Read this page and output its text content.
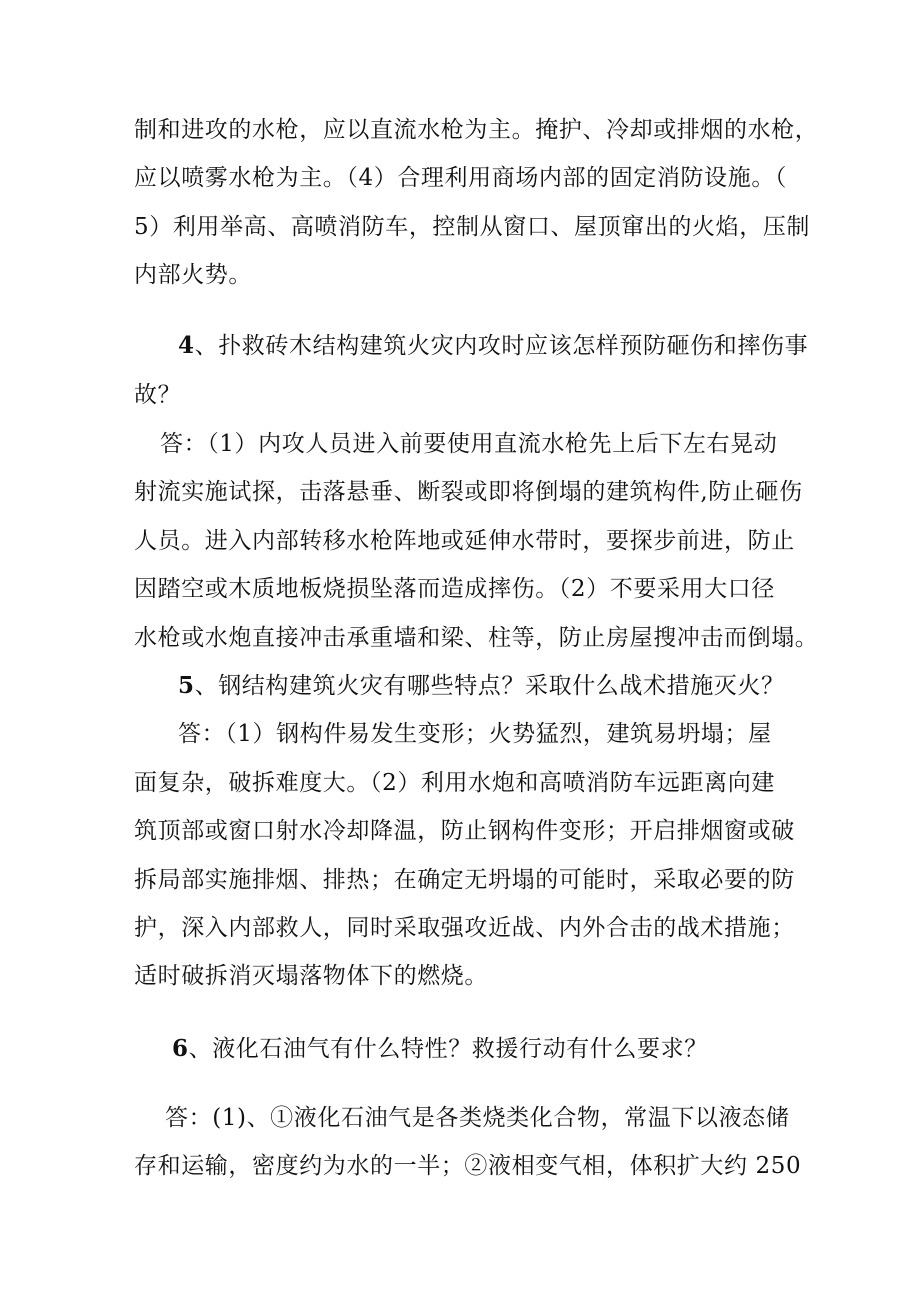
制和进攻的水枪，应以直流水枪为主。掩护、冷却或排烟的水枪，
应以喷雾水枪为主。（4）合理利用商场内部的固定消防设施。（
5）利用举高、高喷消防车，控制从窗口、屋顶窜出的火焰，压制
内部火势。
4、扑救砖木结构建筑火灾内攻时应该怎样预防砸伤和摔伤事
故？
答：（1）内攻人员进入前要使用直流水枪先上后下左右晃动
射流实施试探，击落悬垂、断裂或即将倒塌的建筑构件,防止砸伤
人员。进入内部转移水枪阵地或延伸水带时，要探步前进，防止
因踏空或木质地板烧损坠落而造成摔伤。（2）不要采用大口径
水枪或水炮直接冲击承重墙和梁、柱等，防止房屋搜冲击而倒塌。
5、钢结构建筑火灾有哪些特点？采取什么战术措施灭火？
答：（1）钢构件易发生变形；火势猛烈，建筑易坍塌；屋
面复杂，破拆难度大。（2）利用水炮和高喷消防车远距离向建
筑顶部或窗口射水冷却降温，防止钢构件变形；开启排烟窗或破
拆局部实施排烟、排热；在确定无坍塌的可能时，采取必要的防
护，深入内部救人，同时采取强攻近战、内外合击的战术措施；
适时破拆消灭塌落物体下的燃烧。
6、液化石油气有什么特性？救援行动有什么要求？
答：(1)、①液化石油气是各类烧类化合物，常温下以液态储
存和运输，密度约为水的一半；②液相变气相，体积扩大约 250
